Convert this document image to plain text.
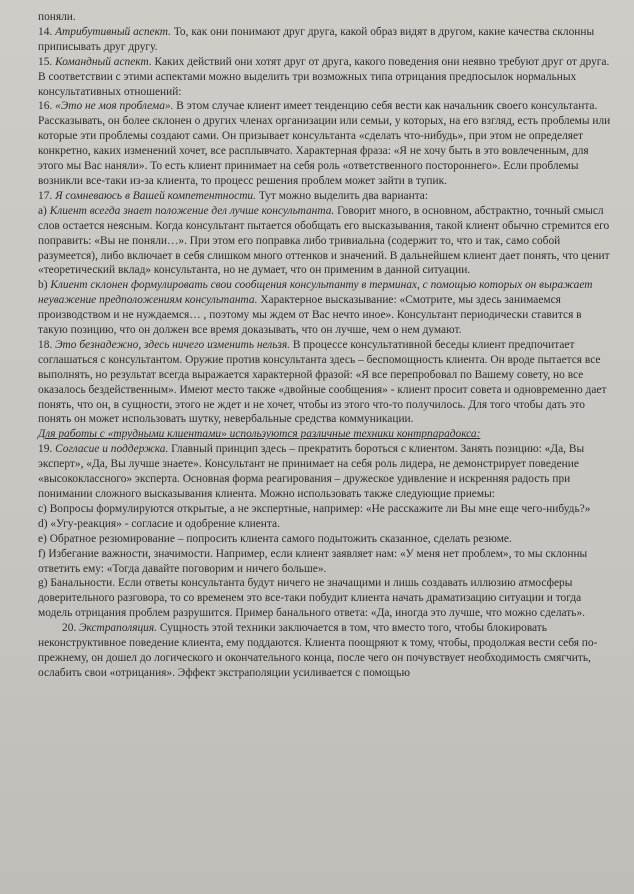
поняли.

14. Атрибутивный аспект. То, как они понимают друг друга, какой образ видят в другом, какие качества склонны приписывать друг другу.

15. Командный аспект. Каких действий они хотят друг от друга, какого поведения они неявно требуют друг от друга.

В соответствии с этими аспектами можно выделить три возможных типа отрицания предпосылок нормальных консультативных отношений:

16. «Это не моя проблема». В этом случае клиент имеет тенденцию себя вести как начальник своего консультанта. Рассказывать, он более склонен о других членах организации или семьи, у которых, на его взгляд, есть проблемы или которые эти проблемы создают сами. Он призывает консультанта «сделать что-нибудь», при этом не определяет конкретно, каких изменений хочет, все расплывчато. Характерная фраза: «Я не хочу быть в это вовлеченным, для этого мы Вас наняли». То есть клиент принимает на себя роль «ответственного постороннего». Если проблемы возникли все-таки из-за клиента, то процесс решения проблем может зайти в тупик.

17. Я сомневаюсь в Вашей компетентности. Тут можно выделить два варианта:

а) Клиент всегда знает положение дел лучше консультанта. Говорит много, в основном, абстрактно, точный смысл слов остается неясным. Когда консультант пытается обобщать его высказывания, такой клиент обычно стремится его поправить: «Вы не поняли…». При этом его поправка либо тривиальна (содержит то, что и так, само собой разумеется), либо включает в себя слишком много оттенков и значений. В дальнейшем клиент дает понять, что ценит «теоретический вклад» консультанта, но не думает, что он применим в данной ситуации.

b) Клиент склонен формулировать свои сообщения консультанту в терминах, с помощью которых он выражает неуважение предположениям консультанта. Характерное высказывание: «Смотрите, мы здесь занимаемся производством и не нуждаемся… , поэтому мы ждем от Вас нечто иное». Консультант периодически ставится в такую позицию, что он должен все время доказывать, что он лучше, чем о нем думают.

18. Это безнадежно, здесь ничего изменить нельзя. В процессе консультативной беседы клиент предпочитает соглашаться с консультантом. Оружие против консультанта здесь – беспомощность клиента. Он вроде пытается все выполнять, но результат всегда выражается характерной фразой: «Я все перепробовал по Вашему совету, но все оказалось бездейственным». Имеют место также «двойные сообщения» - клиент просит совета и одновременно дает понять, что он, в сущности, этого не ждет и не хочет, чтобы из этого что-то получилось. Для того чтобы дать это понять он может использовать шутку, невербальные средства коммуникации.

Для работы с «трудными клиентами» используются различные техники контрпарадокса:

19. Согласие и поддержка. Главный принцип здесь – прекратить бороться с клиентом. Занять позицию: «Да, Вы эксперт», «Да, Вы лучше знаете». Консультант не принимает на себя роль лидера, не демонстрирует поведение «высококлассного» эксперта. Основная форма реагирования – дружеское удивление и искренняя радость при понимании сложного высказывания клиента. Можно использовать также следующие приемы:

с) Вопросы формулируются открытые, а не экспертные, например: «Не расскажите ли Вы мне еще чего-нибудь?»

d) «Угу-реакция» - согласие и одобрение клиента.

е) Обратное резюмирование – попросить клиента самого подытожить сказанное, сделать резюме.

f) Избегание важности, значимости. Например, если клиент заявляет нам: «У меня нет проблем», то мы склонны ответить ему: «Тогда давайте поговорим и ничего больше».

g) Банальности. Если ответы консультанта будут ничего не значащими и лишь создавать иллюзию атмосферы доверительного разговора, то со временем это все-таки побудит клиента начать драматизацию ситуации и тогда модель отрицания проблем разрушится. Пример банального ответа: «Да, иногда это лучше, что можно сделать».

20. Экстраполяция. Сущность этой техники заключается в том, что вместо того, чтобы блокировать неконструктивное поведение клиента, ему поддаются. Клиента поощряют к тому, чтобы, продолжая вести себя по-прежнему, он дошел до логического и окончательного конца, после чего он почувствует необходимость смягчить, ослабить свои «отрицания». Эффект экстраполяции усиливается с помощью
